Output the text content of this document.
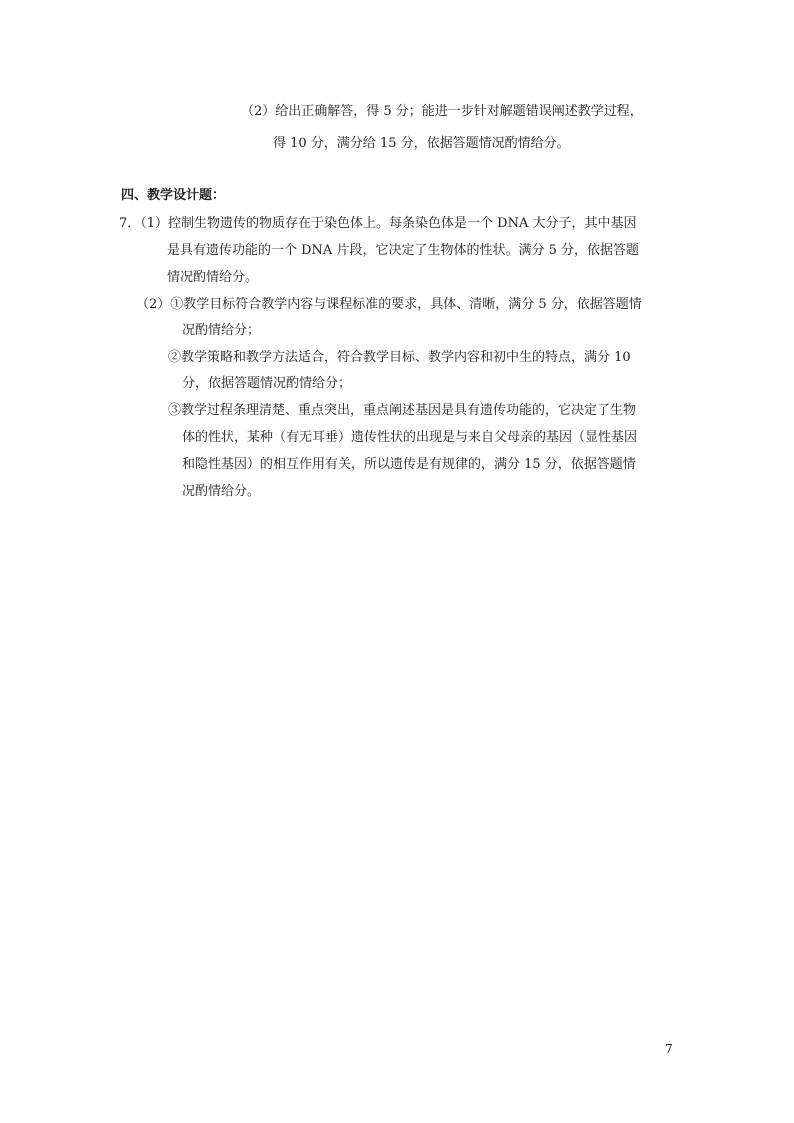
（2）给出正确解答，得 5 分；能进一步针对解题错误阐述教学过程，
得 10 分，满分给 15 分，依据答题情况酌情给分。
四、教学设计题：
7．（1）控制生物遗传的物质存在于染色体上。每条染色体是一个 DNA 大分子，其中基因
是具有遗传功能的一个 DNA 片段，它决定了生物体的性状。满分 5 分，依据答题
情况酌情给分。
（2）①教学目标符合教学内容与课程标准的要求，具体、清晰，满分 5 分，依据答题情
况酌情给分；
②教学策略和教学方法适合，符合教学目标、教学内容和初中生的特点，满分 10
分，依据答题情况酌情给分；
③教学过程条理清楚、重点突出，重点阐述基因是具有遗传功能的，它决定了生物
体的性状，某种（有无耳垂）遗传性状的出现是与来自父母亲的基因（显性基因
和隐性基因）的相互作用有关，所以遗传是有规律的，满分 15 分，依据答题情
况酌情给分。
7
